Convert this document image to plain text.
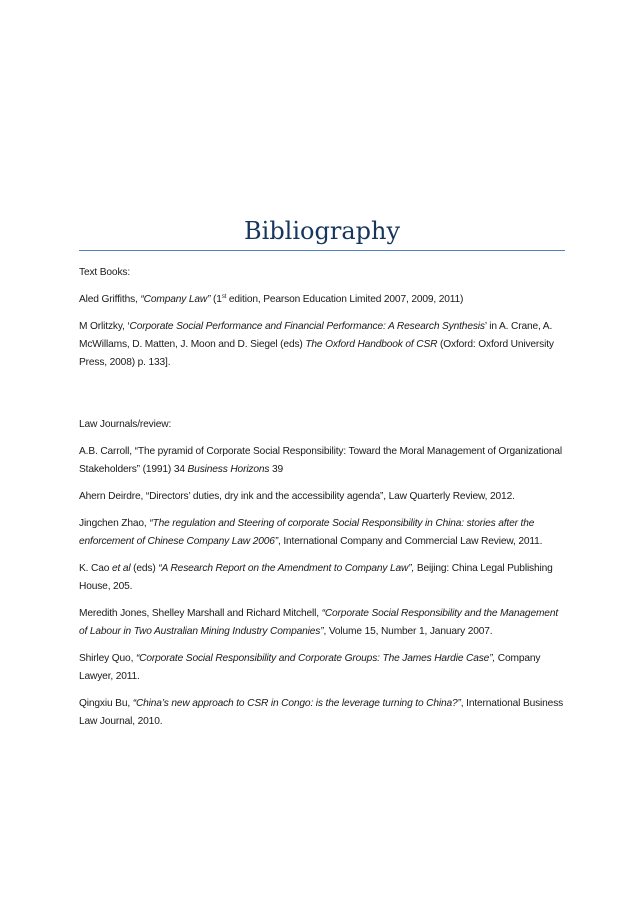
Bibliography

Text Books:

Aled Griffiths, “Company Law” (1st edition, Pearson Education Limited 2007, 2009, 2011)

M Orlitzky, ‘Corporate Social Performance and Financial Performance: A Research Synthesis’ in A. Crane, A. McWillams, D. Matten, J. Moon and D. Siegel (eds) The Oxford Handbook of CSR (Oxford: Oxford University Press, 2008) p. 133].

Law Journals/review:

A.B. Carroll, “The pyramid of Corporate Social Responsibility: Toward the Moral Management of Organizational Stakeholders” (1991) 34 Business Horizons 39

Ahern Deirdre, “Directors’ duties, dry ink and the accessibility agenda”, Law Quarterly Review, 2012.

Jingchen Zhao, “The regulation and Steering of corporate Social Responsibility in China: stories after the enforcement of Chinese Company Law 2006”, International Company and Commercial Law Review, 2011.

K. Cao et al (eds) “A Research Report on the Amendment to Company Law”, Beijing: China Legal Publishing House, 205.

Meredith Jones, Shelley Marshall and Richard Mitchell, “Corporate Social Responsibility and the Management of Labour in Two Australian Mining Industry Companies”, Volume 15, Number 1, January 2007.

Shirley Quo, “Corporate Social Responsibility and Corporate Groups: The James Hardie Case”, Company Lawyer, 2011.

Qingxiu Bu, “China’s new approach to CSR in Congo: is the leverage turning to China?”, International Business Law Journal, 2010.
